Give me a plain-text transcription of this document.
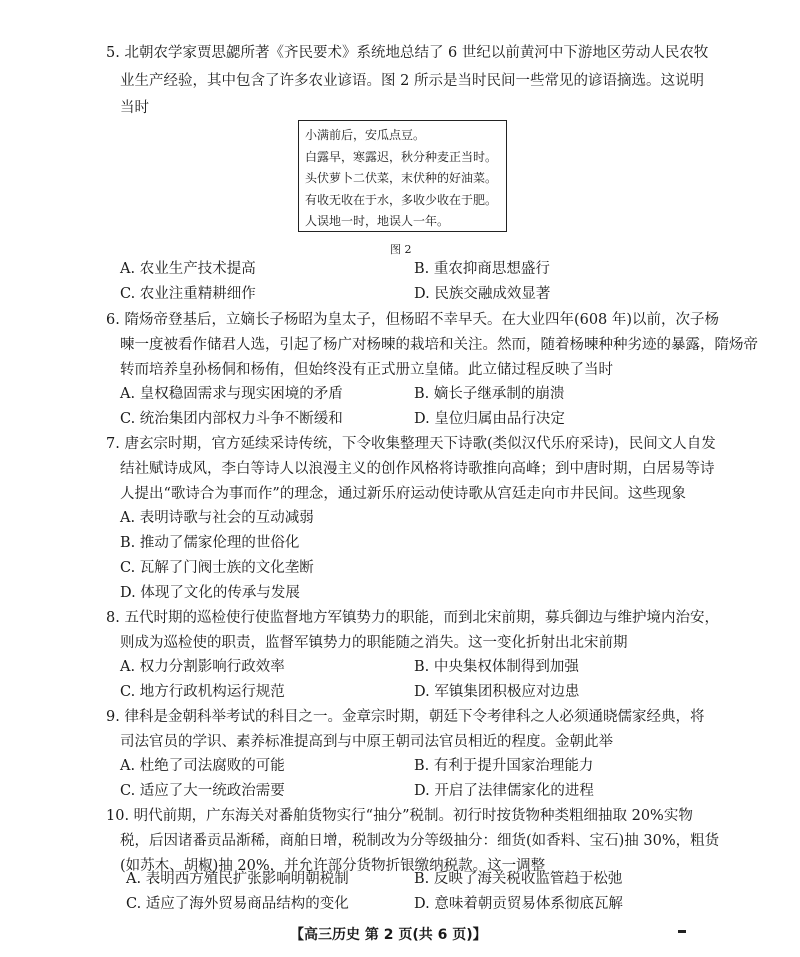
5. 北朝农学家贾思勰所著《齐民要术》系统地总结了 6 世纪以前黄河中下游地区劳动人民农牧
业生产经验，其中包含了许多农业谚语。图 2 所示是当时民间一些常见的谚语摘选。这说明
当时
小满前后，安瓜点豆。
白露早，寒露迟，秋分种麦正当时。
头伏萝卜二伏菜，末伏种的好油菜。
有收无收在于水，多收少收在于肥。
人误地一时，地误人一年。
图 2
A. 农业生产技术提高	B. 重农抑商思想盛行
C. 农业注重精耕细作	D. 民族交融成效显著
6. 隋炀帝登基后，立嫡长子杨昭为皇太子，但杨昭不幸早夭。在大业四年(608 年)以前，次子杨
暕一度被看作储君人选，引起了杨广对杨暕的栽培和关注。然而，随着杨暕种种劣迹的暴露，隋炀帝
转而培养皇孙杨侗和杨侑，但始终没有正式册立皇储。此立储过程反映了当时
A. 皇权稳固需求与现实困境的矛盾	B. 嫡长子继承制的崩溃
C. 统治集团内部权力斗争不断缓和	D. 皇位归属由品行决定
7. 唐玄宗时期，官方延续采诗传统，下令收集整理天下诗歌(类似汉代乐府采诗)，民间文人自发
结社赋诗成风，李白等诗人以浪漫主义的创作风格将诗歌推向高峰；到中唐时期，白居易等诗
人提出“歌诗合为事而作”的理念，通过新乐府运动使诗歌从宫廷走向市井民间。这些现象
A. 表明诗歌与社会的互动减弱
B. 推动了儒家伦理的世俗化
C. 瓦解了门阀士族的文化垄断
D. 体现了文化的传承与发展
8. 五代时期的巡检使行使监督地方军镇势力的职能，而到北宋前期，募兵御边与维护境内治安，
则成为巡检使的职责，监督军镇势力的职能随之消失。这一变化折射出北宋前期
A. 权力分割影响行政效率	B. 中央集权体制得到加强
C. 地方行政机构运行规范	D. 军镇集团积极应对边患
9. 律科是金朝科举考试的科目之一。金章宗时期，朝廷下令考律科之人必须通晓儒家经典，将
司法官员的学识、素养标准提高到与中原王朝司法官员相近的程度。金朝此举
A. 杜绝了司法腐败的可能	B. 有利于提升国家治理能力
C. 适应了大一统政治需要	D. 开启了法律儒家化的进程
10. 明代前期，广东海关对番舶货物实行“抽分”税制。初行时按货物种类粗细抽取 20%实物
税，后因诸番贡品渐稀，商舶日增，税制改为分等级抽分：细货(如香料、宝石)抽 30%，粗货
(如苏木、胡椒)抽 20%，并允许部分货物折银缴纳税款。这一调整
A. 表明西方殖民扩张影响明朝税制	B. 反映了海关税收监管趋于松弛
C. 适应了海外贸易商品结构的变化	D. 意味着朝贡贸易体系彻底瓦解
【高三历史 第 2 页(共 6 页)】
